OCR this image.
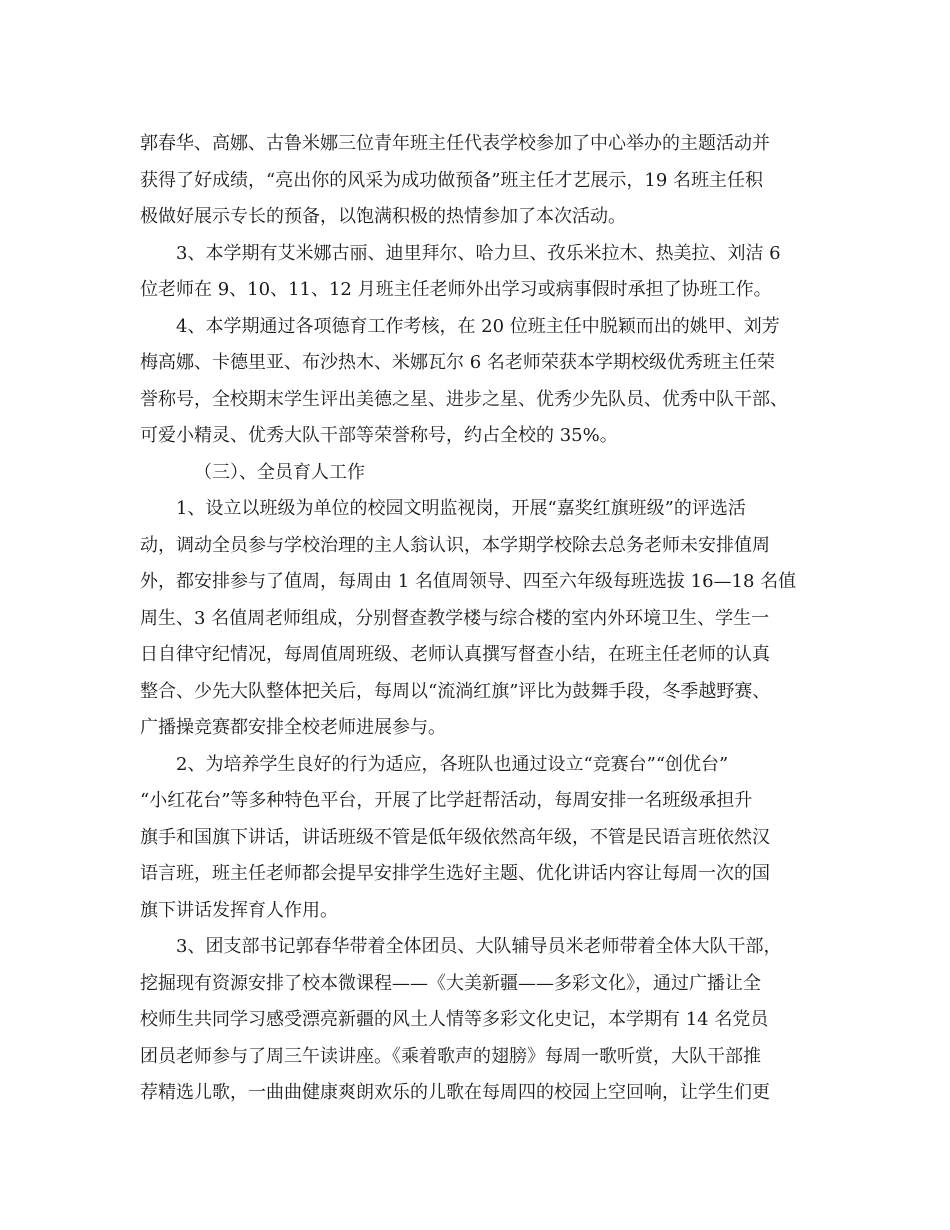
郭春华、高娜、古鲁米娜三位青年班主任代表学校参加了中心举办的主题活动并
获得了好成绩，“亮出你的风采为成功做预备”班主任才艺展示，19 名班主任积
极做好展示专长的预备，以饱满积极的热情参加了本次活动。
3、本学期有艾米娜古丽、迪里拜尔、哈力旦、孜乐米拉木、热美拉、刘洁 6
位老师在 9、10、11、12 月班主任老师外出学习或病事假时承担了协班工作。
4、本学期通过各项德育工作考核，在 20 位班主任中脱颖而出的姚甲、刘芳
梅高娜、卡德里亚、布沙热木、米娜瓦尔 6 名老师荣获本学期校级优秀班主任荣
誉称号，全校期末学生评出美德之星、进步之星、优秀少先队员、优秀中队干部、
可爱小精灵、优秀大队干部等荣誉称号，约占全校的 35%。
（三）、全员育人工作
1、设立以班级为单位的校园文明监视岗，开展“嘉奖红旗班级”的评选活
动，调动全员参与学校治理的主人翁认识，本学期学校除去总务老师未安排值周
外，都安排参与了值周，每周由 1 名值周领导、四至六年级每班选拔 16—18 名值
周生、3 名值周老师组成，分别督查教学楼与综合楼的室内外环境卫生、学生一
日自律守纪情况，每周值周班级、老师认真撰写督查小结，在班主任老师的认真
整合、少先大队整体把关后，每周以“流淌红旗”评比为鼓舞手段，冬季越野赛、
广播操竞赛都安排全校老师进展参与。
2、为培养学生良好的行为适应，各班队也通过设立“竞赛台”“创优台”
“小红花台”等多种特色平台，开展了比学赶帮活动，每周安排一名班级承担升
旗手和国旗下讲话，讲话班级不管是低年级依然高年级，不管是民语言班依然汉
语言班，班主任老师都会提早安排学生选好主题、优化讲话内容让每周一次的国
旗下讲话发挥育人作用。
3、团支部书记郭春华带着全体团员、大队辅导员米老师带着全体大队干部，
挖掘现有资源安排了校本微课程——《大美新疆——多彩文化》，通过广播让全
校师生共同学习感受漂亮新疆的风土人情等多彩文化史记，本学期有 14 名党员
团员老师参与了周三午读讲座。《乘着歌声的翅膀》每周一歌听赏，大队干部推
荐精选儿歌，一曲曲健康爽朗欢乐的儿歌在每周四的校园上空回响，让学生们更
